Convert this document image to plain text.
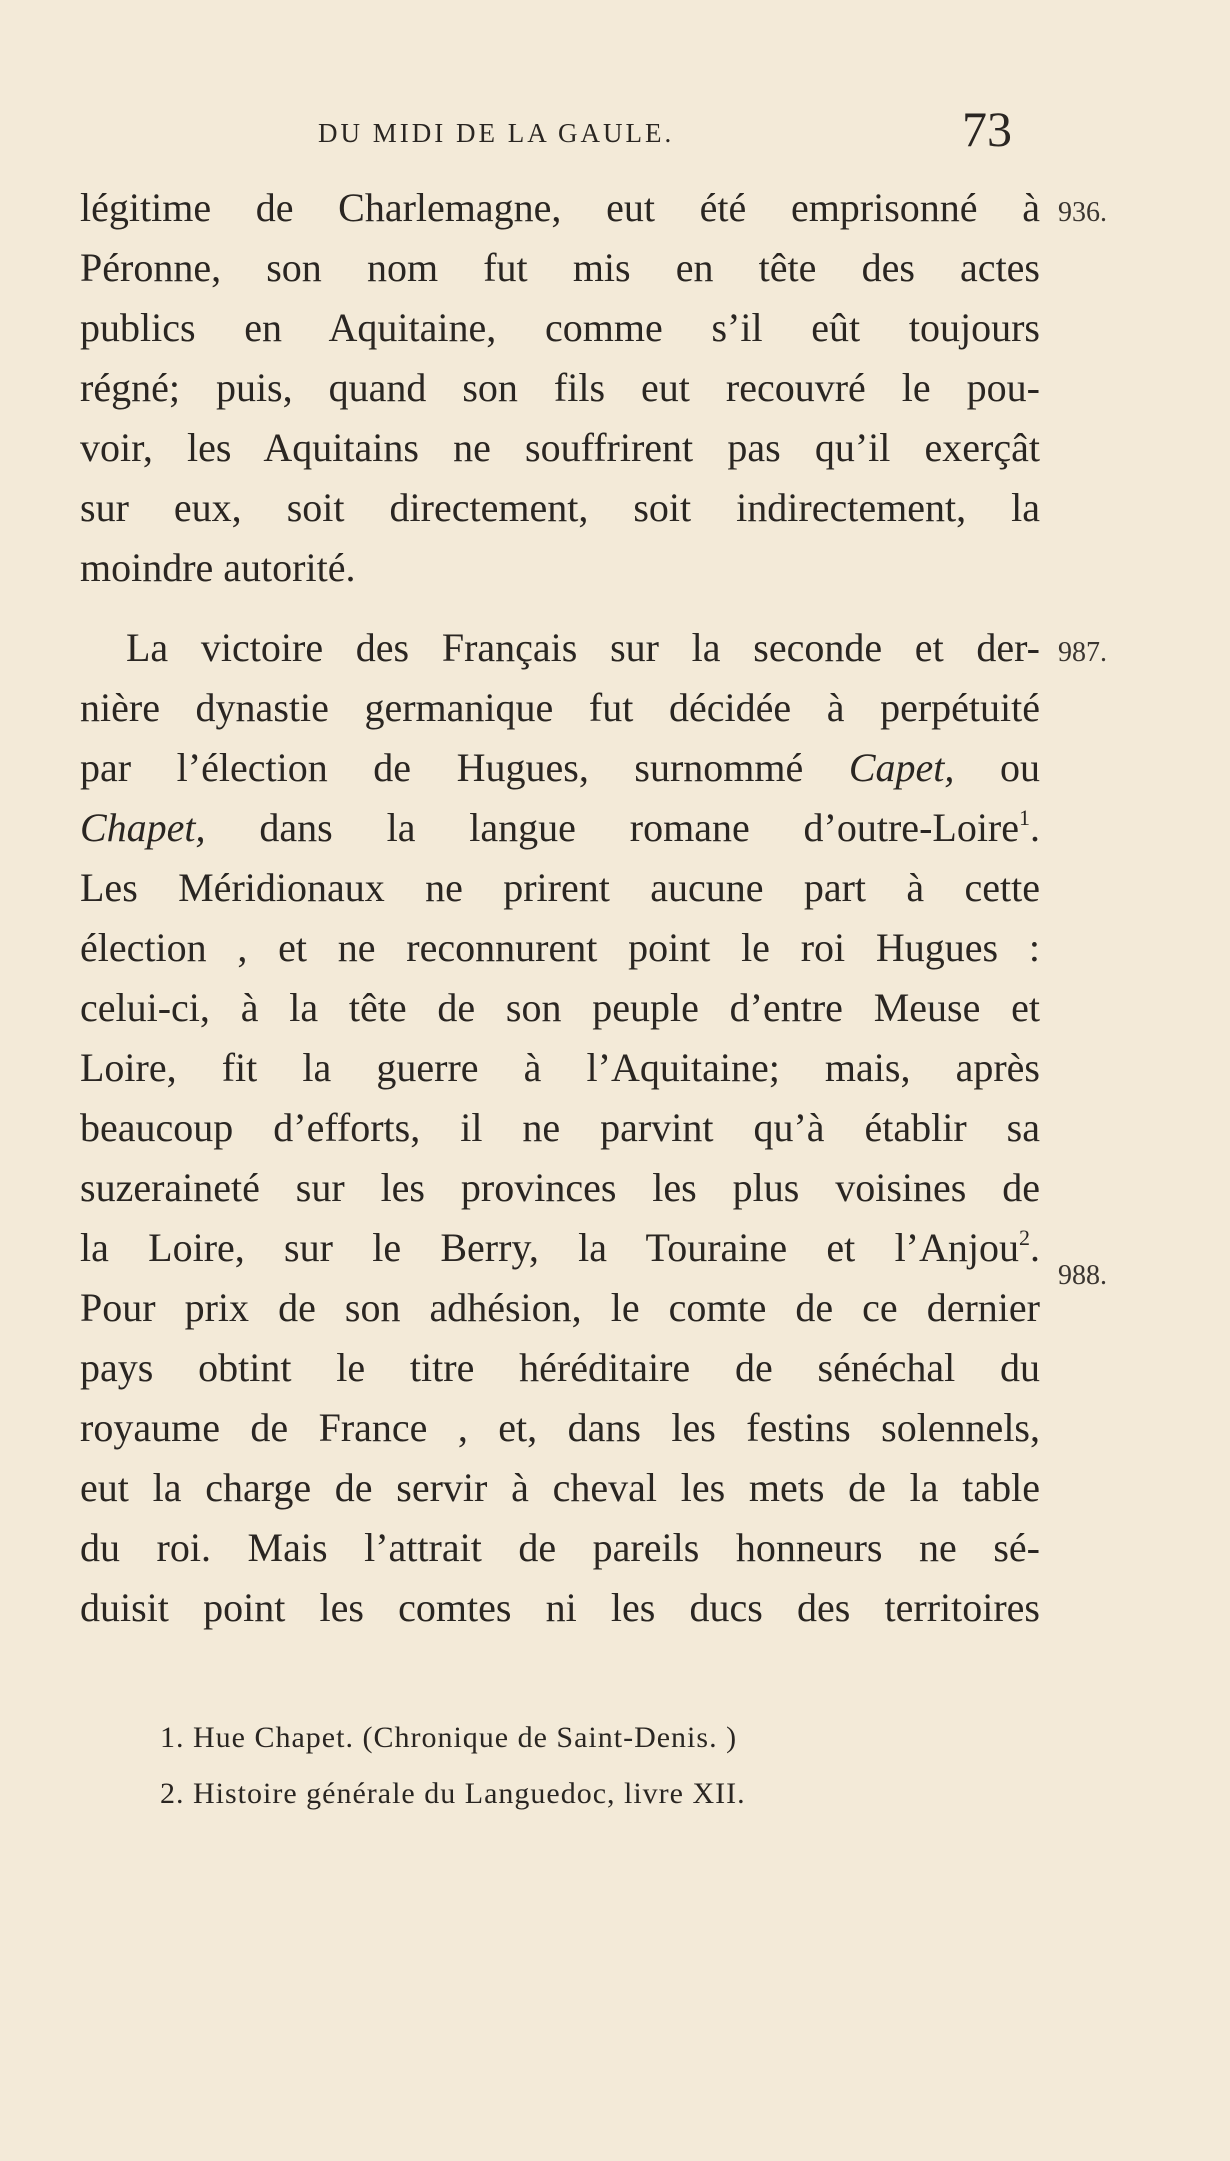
DU MIDI DE LA GAULE.	73
936.
987.
988.
légitime de Charlemagne, eut été emprisonné à
Péronne, son nom fut mis en tête des actes
publics en Aquitaine, comme s’il eût toujours
régné; puis, quand son fils eut recouvré le pou-
voir, les Aquitains ne souffrirent pas qu’il exerçât
sur eux, soit directement, soit indirectement, la
moindre autorité.
La victoire des Français sur la seconde et der-
nière dynastie germanique fut décidée à perpétuité
par l’élection de Hugues, surnommé Capet, ou
Chapet, dans la langue romane d’outre-Loire$^1$.
Les Méridionaux ne prirent aucune part à cette
élection , et ne reconnurent point le roi Hugues :
celui-ci, à la tête de son peuple d’entre Meuse et
Loire, fit la guerre à l’Aquitaine; mais, après
beaucoup d’efforts, il ne parvint qu’à établir sa
suzeraineté sur les provinces les plus voisines de
la Loire, sur le Berry, la Touraine et l’Anjou$^2$.
Pour prix de son adhésion, le comte de ce dernier
pays obtint le titre héréditaire de sénéchal du
royaume de France , et, dans les festins solennels,
eut la charge de servir à cheval les mets de la table
du roi. Mais l’attrait de pareils honneurs ne sé-
duisit point les comtes ni les ducs des territoires
1. Hue Chapet. (Chronique de Saint-Denis. )
2. Histoire générale du Languedoc, livre XII.
